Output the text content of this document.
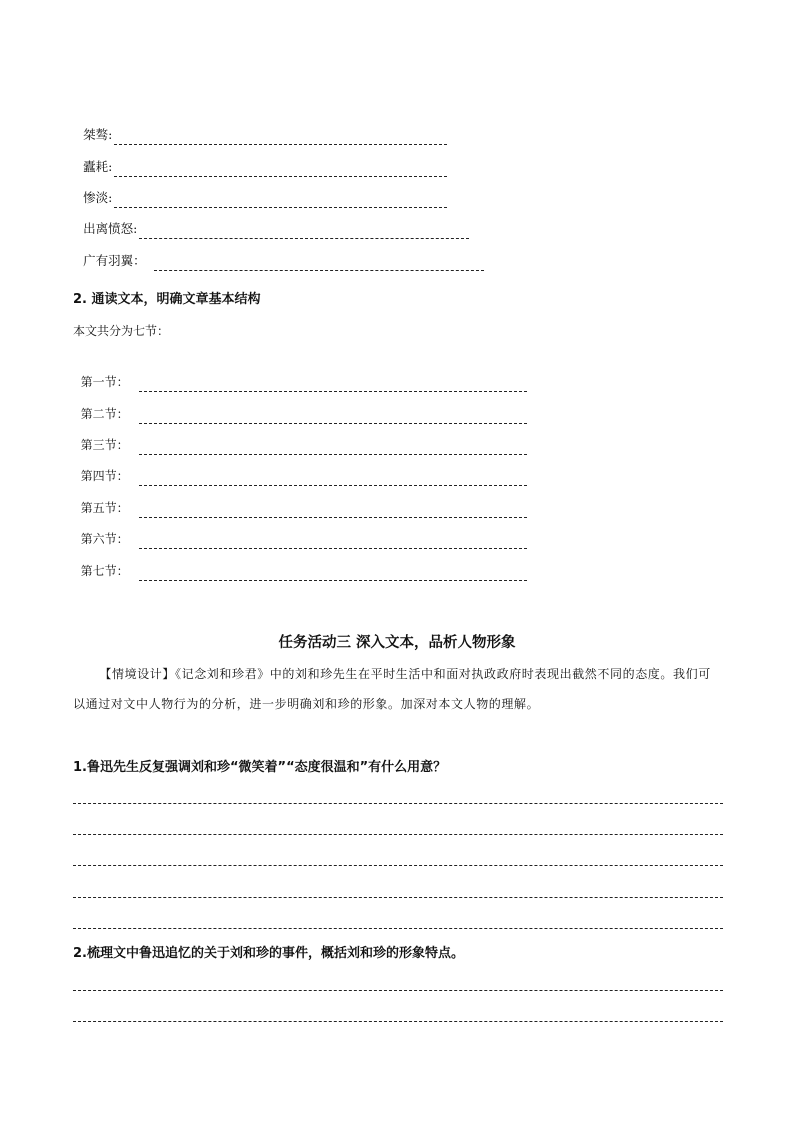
桀骜:

蠹耗:

惨淡:

出离愤怒:

广有羽翼：

2. 通读文本，明确文章基本结构
本文共分为七节：

第一节：

第二节：

第三节：

第四节：

第五节：

第六节：

第七节：

任务活动三 深入文本，品析人物形象
【情境设计】《记念刘和珍君》中的刘和珍先生在平时生活中和面对执政政府时表现出截然不同的态度。我们可以通过对文中人物行为的分析，进一步明确刘和珍的形象。加深对本文人物的理解。
1.鲁迅先生反复强调刘和珍“微笑着”“态度很温和”有什么用意？
2.梳理文中鲁迅追忆的关于刘和珍的事件，概括刘和珍的形象特点。
